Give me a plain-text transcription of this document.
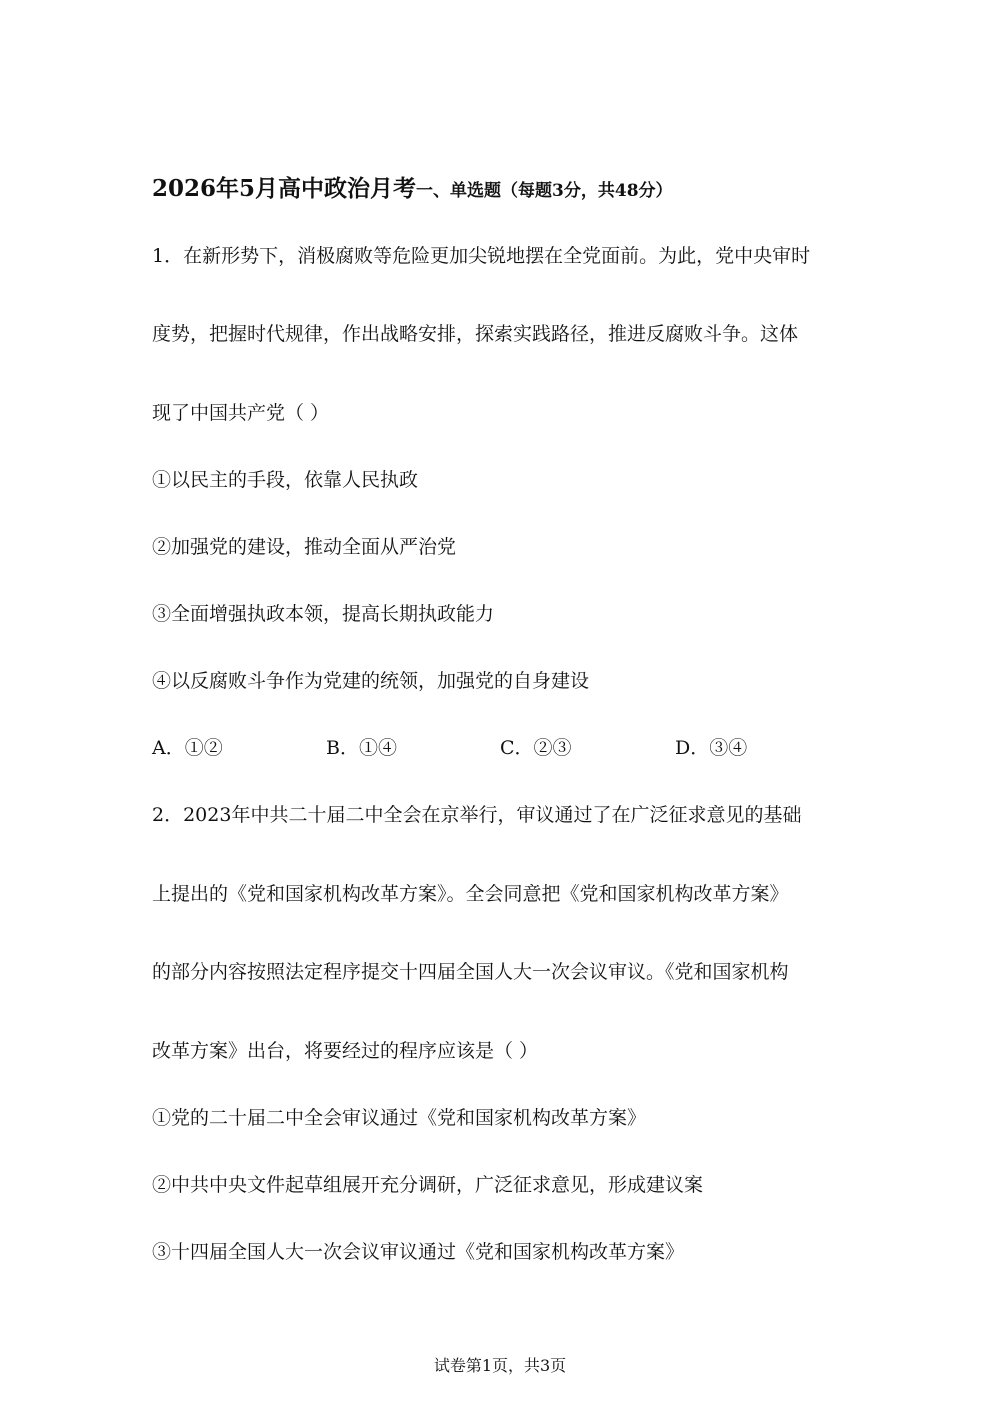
2026年5月高中政治月考一、单选题（每题3分，共48分）
1．在新形势下，消极腐败等危险更加尖锐地摆在全党面前。为此，党中央审时
度势，把握时代规律，作出战略安排，探索实践路径，推进反腐败斗争。这体
现了中国共产党（ ）
①以民主的手段，依靠人民执政
②加强党的建设，推动全面从严治党
③全面增强执政本领，提高长期执政能力
④以反腐败斗争作为党建的统领，加强党的自身建设
A．①②	B．①④	C．②③	D．③④
2．2023年中共二十届二中全会在京举行，审议通过了在广泛征求意见的基础
上提出的《党和国家机构改革方案》。全会同意把《党和国家机构改革方案》
的部分内容按照法定程序提交十四届全国人大一次会议审议。《党和国家机构
改革方案》出台，将要经过的程序应该是（ ）
①党的二十届二中全会审议通过《党和国家机构改革方案》
②中共中央文件起草组展开充分调研，广泛征求意见，形成建议案
③十四届全国人大一次会议审议通过《党和国家机构改革方案》
试卷第1页，共3页
